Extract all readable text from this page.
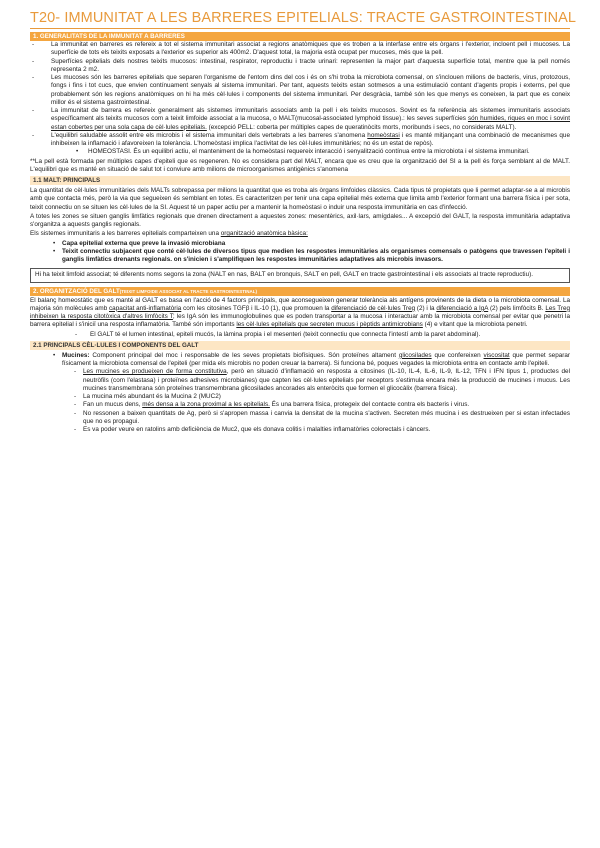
T20- IMMUNITAT A LES BARRERES EPITELIALS: TRACTE GASTROINTESTINAL
1. GENERALITATS DE LA IMMUNITAT A BARRERES
- La immunitat en barreres es refereix a tot el sistema immunitari associat a regions anatòmiques que es troben a la interfase entre els òrgans i l'exterior, incloent pell i mucoses. La superfície de tots els teixits exposats a l'exterior es superior als 400m2. D'aquest total, la majoria està ocupat per mucoses, més que la pell.
- Superfícies epitelials dels nostres teixits mucosos: intestinal, respirator, reproductiu i tracte urinari: representen la major part d'aquesta superfície total, mentre que la pell només representa 2 m2.
- Les mucoses són les barreres epitelials que separen l'organisme de l'entorn dins del cos i és on s'hi troba la microbiota comensal, on s'inclouen milions de bacteris, virus, protozous, fongs i fins i tot cucs, que envien contínuament senyals al sistema immunitari. Per tant, aquests teixits estan sotmesos a una estimulació contant d'agents propis i externs, pel que probablement són les regions anatòmiques on hi ha més cèl·lules i components del sistema immunitari. Per desgràcia, també són les que menys es coneixen, la part que es coneix millor és el sistema gastrointestinal.
- La immunitat de barrera es refereix generalment als sistemes immunitaris associats amb la pell i els teixits mucosos. Sovint es fa referència als sistemes immunitaris associats específicament als teixits mucosos com a teixit limfoide associat a la mucosa, o MALT(mucosal-associated lymphoid tissue).: les seves superfícies són humides, riques en moc i sovint estan cobertes per una sola capa de cèl·lules epitelials. (excepció PELL: coberta per múltiples capes de queratinòcits morts, moribunds i secs, no considerats MALT).
- L'equilibri saludable assolit entre els microbis i el sistema immunitari dels vertebrats a les barreres s'anomena homeòstasi i es manté mitjançant una combinació de mecanismes que inhibeixen la inflamació i afavoreixen la tolerància. L'homeòstasi implica l'activitat de les cèl·lules immunitàries; no és un estat de repòs).
• HOMEOSTASI. És un equilibri actiu, el manteniment de la homeòstasi requereix interacció i senyalització contínua entre la microbiota i el sistema immunitari.

**La pell està formada per múltiples capes d'epiteli que es regeneren. No es considera part del MALT, encara que es creu que la organització del SI a la pell és força semblant al de MALT. L'equilibri que es manté en situació de salut tot i conviure amb milions de microorganismes antigènics s'anomena

1.1 MALT: PRINCIPALS

La quantitat de cèl·lules immunitàries dels MALTs sobrepassa per milions la quantitat que es troba als òrgans limfoides clàssics. Cada tipus té propietats que li permet adaptar-se a al microbis amb que contacta més, però la via que segueixen és semblant en totes. Es caracteritzen per tenir una capa epitelial més externa que limita amb l'exterior formant una barrera física i per sota, teixit connectiu on se situen les cèl·lules de la SI. Aquest té un paper actiu per a mantenir la homeòstasi o induir una resposta immunitària en cas d'infecció.

A totes les zones se situen ganglis limfàtics regionals que drenen directament a aquestes zones: mesentèrics, axil·lars, amígdales... A excepció del GALT, la resposta immunitària adaptativa s'organitza a aquests ganglis regionals.

Els sistemes immunitaris a les barreres epitelials comparteixen una organització anatòmica bàsica:

• Capa epitelial externa que preve la invasió microbiana
• Teixit connectiu subjacent que conté cèl·lules de diversos tipus que medien les respostes immunitàries als organismes comensals o patògens que travessen l'epiteli i ganglis limfàtics drenants regionals. on s'inicien i s'amplifiquen les respostes immunitàries adaptatives als microbis invasors.
Hi ha teixit limfoid associat; té diferents noms segons la zona (NALT en nas, BALT en bronquis, SALT en pell, GALT en tracte gastrointestinal i els associats al tracte reproductiu).
2. ORGANITZACIÓ DEL GALT(TEIXIT LIMFOIDE ASSOCIAT AL TRACTE GASTROINTESTINAL)

El balanç homeostàtic que es manté al GALT es basa en l'acció de 4 factors principals, que aconsegueixen generar tolerància als antígens provinents de la dieta o la microbiota comensal. La majoria són molècules amb capacitat anti-inflamatòria com les citosines TGFβ i IL-10 (1), que promouen la diferenciació de cèl·lules Treg (2) i la diferenciació a IgA (2) pels limfòcits B. Les Treg inhibeixen la resposta citotòxica d'altres limfòcits T; les IgA són les immunoglobulines que es poden transportar a la mucosa i interactuar amb la microbiota comensal per evitar que penetri la barrera epitelial i s'iniciï una resposta inflamatòria. També són importants les cèl·lules epitelials que secreten mucus i pèptids antimicrobians (4) e vitant que la microbiota penetri.

- El GALT té el lumen intestinal, epiteli mucós, la làmina propia i el mesenteri (teixit connectiu que connecta l'intestí amb la paret abdominal).
2.1 PRINCIPALS CÈL·LULES I COMPONENTS DEL GALT
• Mucines: Component principal del moc i responsable de les seves propietats biofísiques. Són proteïnes altament glicosilades que confereixen viscositat que permet separar físicament la microbiota comensal de l'epiteli (per mida els microbis no poden creuar la barrera). Si funciona bé, poques vegades la microbiota entra en contacte amb l'epiteli.
- Les mucines es produeixen de forma constitutiva, però en situació d'inflamació en resposta a citosines (IL-10, IL-4, IL-6, IL-9, IL-12, TFN i IFN tipus 1, productes del neutròfils (com l'elastasa) i proteïnes adhesives microbianes) que capten les cèl·lules epitelials per receptors s'estimula encara més la producció de mucines i mucus. Les mucines transmembrana són proteïnes transmembrana glicosilades ancorades als enteròcits que formen el glicocàlix (barrera física).
- La mucina més abundant és la Mucina 2 (MUC2)
- Fan un mucus dens, més densa a la zona proximal a les epitelials. És una barrera física, protegeix del contacte contra els bacteris i virus.
- No ressonen a baixen quantitats de Ag, però si s'apropen massa i canvia la densitat de la mucina s'activen. Secreten més mucina i es destrueixen per si estan infectades que no es propagui.
- Es va poder veure en ratolins amb deficiència de Muc2, que els donava colitis i malalties inflamatòries colorectals i càncers.
